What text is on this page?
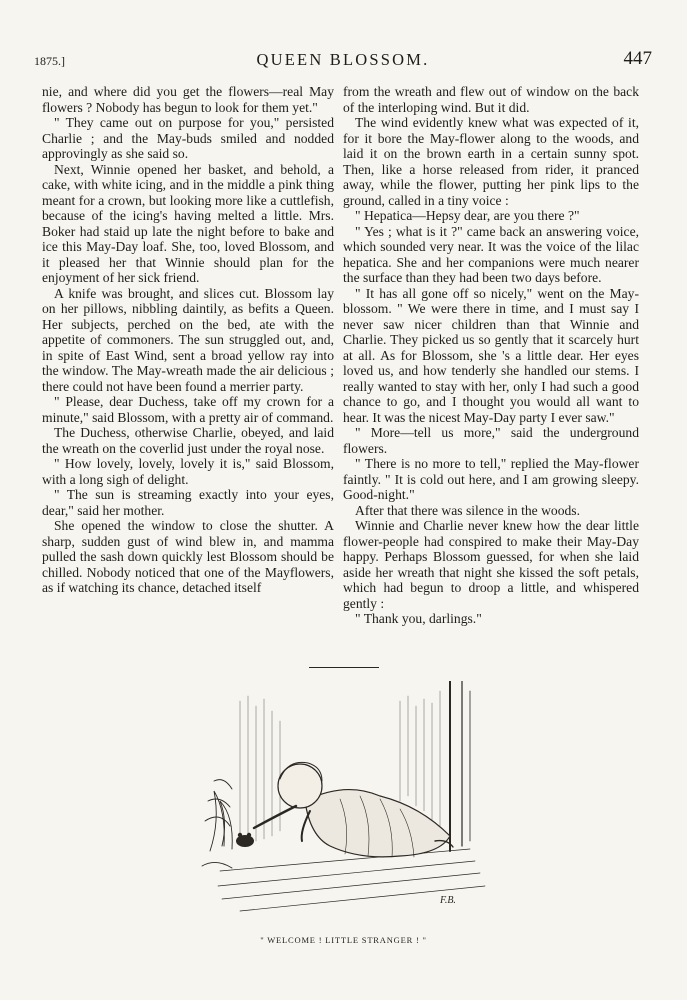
1875.]	QUEEN BLOSSOM.	447

nie, and where did you get the flowers—real May flowers ? Nobody has begun to look for them yet."

" They came out on purpose for you," persisted Charlie ; and the May-buds smiled and nodded approvingly as she said so.

Next, Winnie opened her basket, and behold, a cake, with white icing, and in the middle a pink thing meant for a crown, but looking more like a cuttlefish, because of the icing's having melted a little. Mrs. Boker had staid up late the night before to bake and ice this May-Day loaf. She, too, loved Blossom, and it pleased her that Winnie should plan for the enjoyment of her sick friend.

A knife was brought, and slices cut. Blossom lay on her pillows, nibbling daintily, as befits a Queen. Her subjects, perched on the bed, ate with the appetite of commoners. The sun struggled out, and, in spite of East Wind, sent a broad yellow ray into the window. The May-wreath made the air delicious ; there could not have been found a merrier party.

" Please, dear Duchess, take off my crown for a minute," said Blossom, with a pretty air of command.

The Duchess, otherwise Charlie, obeyed, and laid the wreath on the coverlid just under the royal nose.

" How lovely, lovely, lovely it is," said Blossom, with a long sigh of delight.

" The sun is streaming exactly into your eyes, dear," said her mother.

She opened the window to close the shutter. A sharp, sudden gust of wind blew in, and mamma pulled the sash down quickly lest Blossom should be chilled. Nobody noticed that one of the Mayflowers, as if watching its chance, detached itself

from the wreath and flew out of window on the back of the interloping wind. But it did.

The wind evidently knew what was expected of it, for it bore the May-flower along to the woods, and laid it on the brown earth in a certain sunny spot. Then, like a horse released from rider, it pranced away, while the flower, putting her pink lips to the ground, called in a tiny voice :

" Hepatica—Hepsy dear, are you there ?"

" Yes ; what is it ?" came back an answering voice, which sounded very near. It was the voice of the lilac hepatica. She and her companions were much nearer the surface than they had been two days before.

" It has all gone off so nicely," went on the May-blossom. " We were there in time, and I must say I never saw nicer children than that Winnie and Charlie. They picked us so gently that it scarcely hurt at all. As for Blossom, she 's a little dear. Her eyes loved us, and how tenderly she handled our stems. I really wanted to stay with her, only I had such a good chance to go, and I thought you would all want to hear. It was the nicest May-Day party I ever saw."

" More—tell us more," said the underground flowers.

" There is no more to tell," replied the May-flower faintly. " It is cold out here, and I am growing sleepy. Good-night."

After that there was silence in the woods.

Winnie and Charlie never knew how the dear little flower-people had conspired to make their May-Day happy. Perhaps Blossom guessed, for when she laid aside her wreath that night she kissed the soft petals, which had begun to droop a little, and whispered gently :

" Thank you, darlings."

F.B.
" WELCOME ! LITTLE STRANGER ! "
